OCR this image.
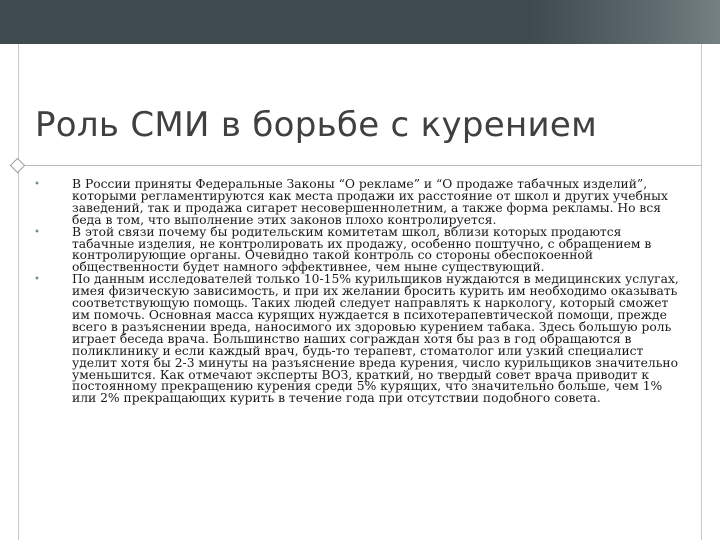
Роль СМИ в борьбе с курением
•	В России приняты Федеральные Законы “О рекламе” и “О продаже табачных изделий”, которыми регламентируются как места продажи их расстояние от школ и других учебных заведений, так и продажа сигарет несовершеннолетним, а также форма рекламы. Но вся беда в том, что выполнение этих законов плохо контролируется.
•	В этой связи почему бы родительским комитетам школ, вблизи которых продаются табачные изделия, не контролировать их продажу, особенно поштучно, с обращением в контролирующие органы. Очевидно такой контроль со стороны обеспокоенной общественности будет намного эффективнее, чем ныне существующий.
•	По данным исследователей только 10-15% курильщиков нуждаются в медицинских услугах, имея физическую зависимость, и при их желании бросить курить им необходимо оказывать соответствующую помощь. Таких людей следует направлять к наркологу, который сможет им помочь. Основная масса курящих нуждается в психотерапевтической помощи, прежде всего в разъяснении вреда, наносимого их здоровью курением табака. Здесь большую роль играет беседа врача. Большинство наших сограждан хотя бы раз в год обращаются в поликлинику и если каждый врач, будь-то терапевт, стоматолог или узкий специалист уделит хотя бы 2-3 минуты на разъяснение вреда курения, число курильщиков значительно уменьшится. Как отмечают эксперты ВОЗ, краткий, но твердый совет врача приводит к постоянному прекращению курения среди 5% курящих, что значительно больше, чем 1% или 2% прекращающих курить в течение года при отсутствии подобного совета.
